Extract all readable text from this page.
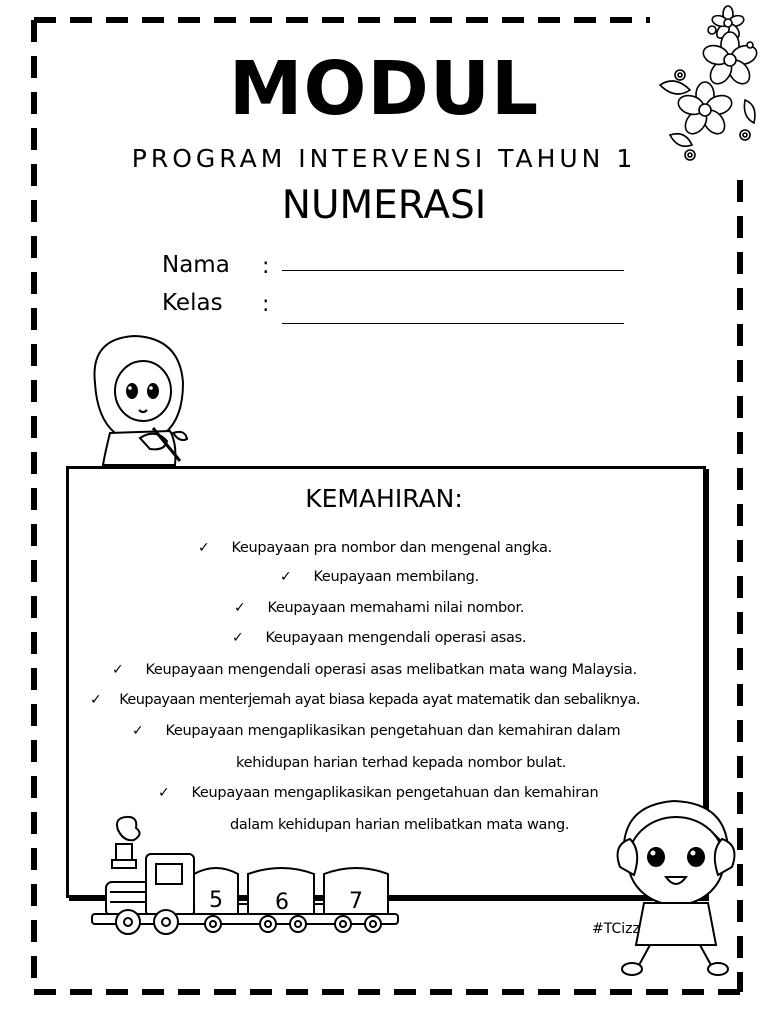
MODUL
PROGRAM INTERVENSI TAHUN 1
NUMERASI
Nama :
Kelas :
KEMAHIRAN:
✓ Keupayaan pra nombor dan mengenal angka.
✓ Keupayaan membilang.
✓ Keupayaan memahami nilai nombor.
✓ Keupayaan mengendali operasi asas.
✓ Keupayaan mengendali operasi asas melibatkan mata wang Malaysia.
✓ Keupayaan menterjemah ayat biasa kepada ayat matematik dan sebaliknya.
✓ Keupayaan mengaplikasikan pengetahuan dan kemahiran dalam
kehidupan harian terhad kepada nombor bulat.
✓ Keupayaan mengaplikasikan pengetahuan dan kemahiran
dalam kehidupan harian melibatkan mata wang.
5 6	7
#TCizz
